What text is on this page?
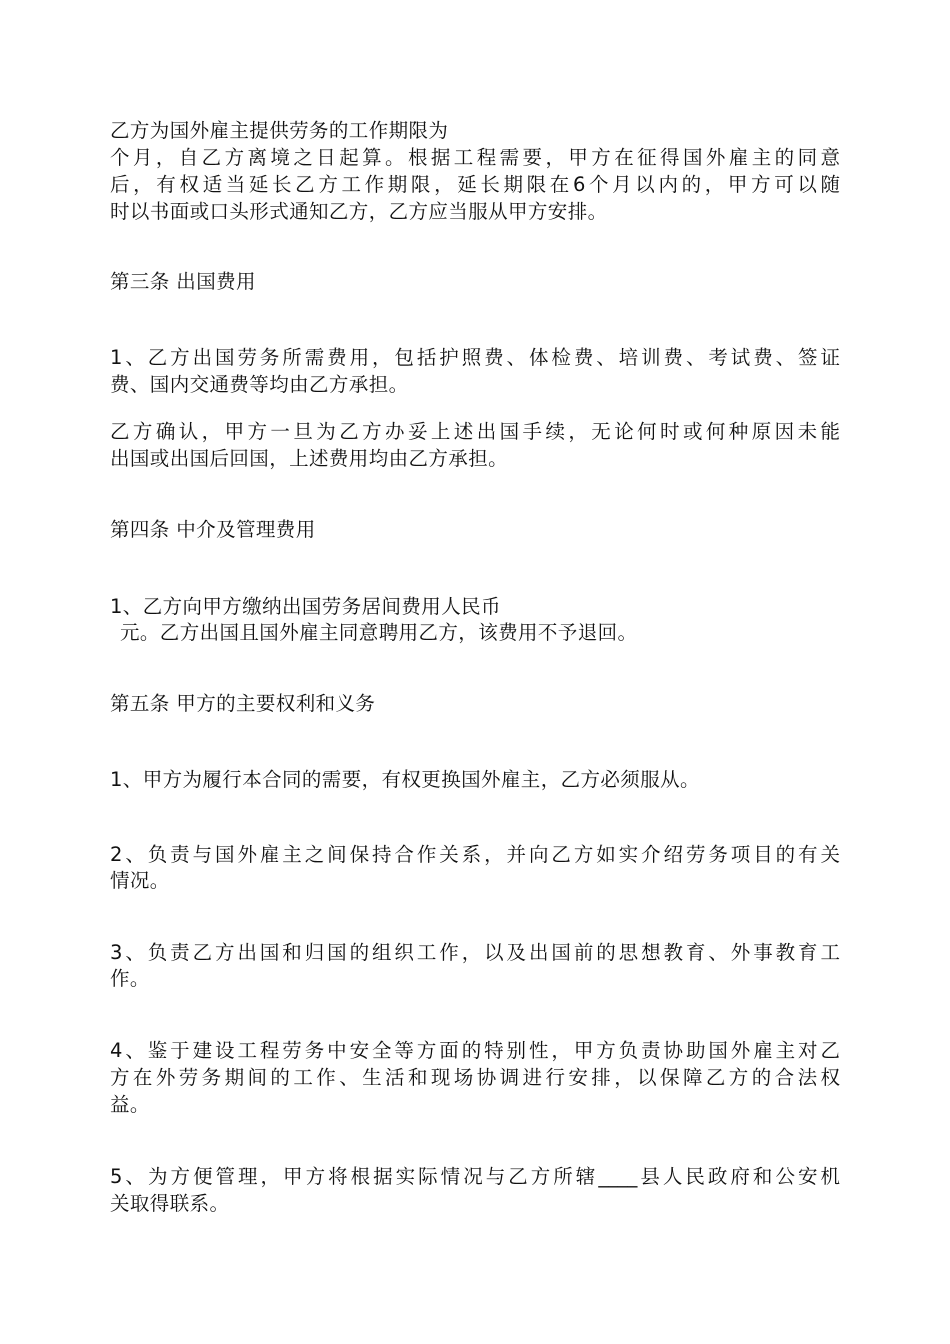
乙方为国外雇主提供劳务的工作期限为

个月，自乙方离境之日起算。根据工程需要，甲方在征得国外雇主的同意

后，有权适当延长乙方工作期限，延长期限在6个月以内的，甲方可以随

时以书面或口头形式通知乙方，乙方应当服从甲方安排。

第三条 出国费用

1、乙方出国劳务所需费用，包括护照费、体检费、培训费、考试费、签证

费、国内交通费等均由乙方承担。

乙方确认，甲方一旦为乙方办妥上述出国手续，无论何时或何种原因未能

出国或出国后回国，上述费用均由乙方承担。

第四条 中介及管理费用

1、乙方向甲方缴纳出国劳务居间费用人民币

元。乙方出国且国外雇主同意聘用乙方，该费用不予退回。

第五条 甲方的主要权利和义务

1、甲方为履行本合同的需要，有权更换国外雇主，乙方必须服从。

2、负责与国外雇主之间保持合作关系，并向乙方如实介绍劳务项目的有关

情况。

3、负责乙方出国和归国的组织工作，以及出国前的思想教育、外事教育工

作。

4、鉴于建设工程劳务中安全等方面的特别性，甲方负责协助国外雇主对乙

方在外劳务期间的工作、生活和现场协调进行安排，以保障乙方的合法权

益。

5、为方便管理，甲方将根据实际情况与乙方所辖____县人民政府和公安机

关取得联系。
